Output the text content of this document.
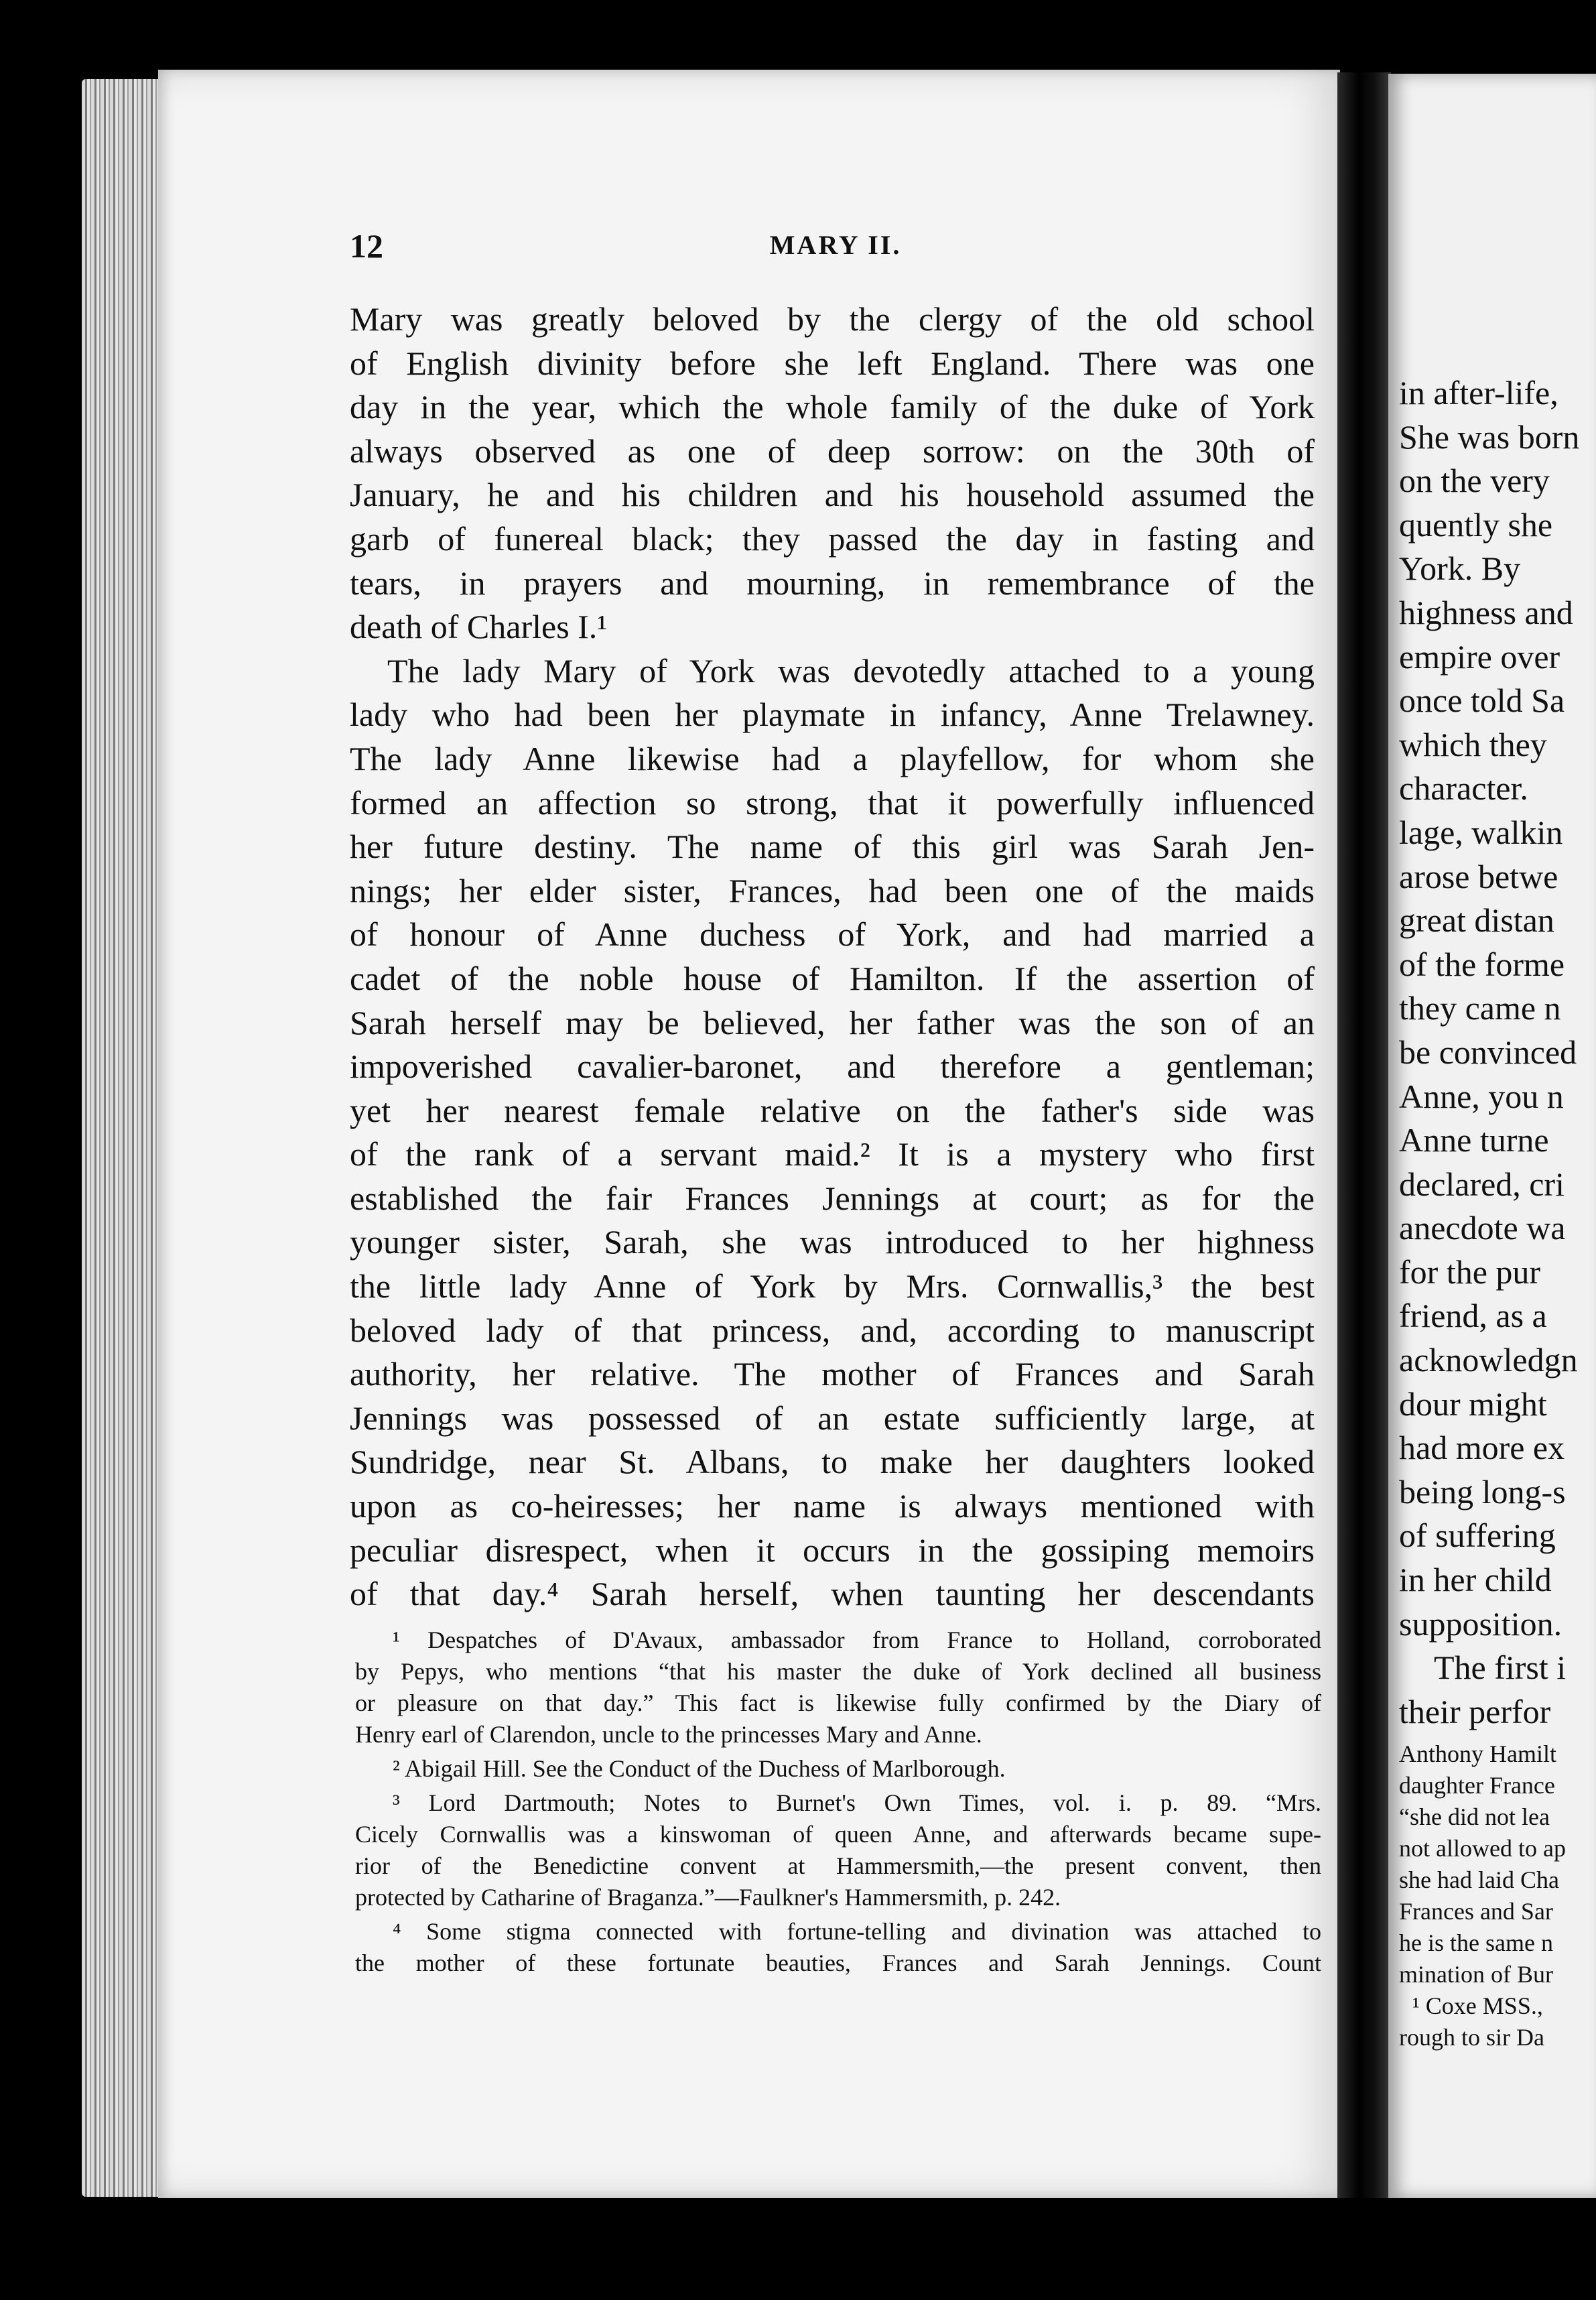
in after-life,
She was born
on the very
quently she
York. By
highness and
empire over
once told Sa
which they
character.
lage, walkin
arose betwe
great distan
of the forme
they came n
be convinced
Anne, you n
Anne turne
declared, cri
anecdote wa
for the pur
friend, as a
acknowledgn
dour might
had more ex
being long-s
of suffering
in her child
supposition.
The first i
their perfor
Anthony Hamilt
daughter France
“she did not lea
not allowed to ap
she had laid Cha
Frances and Sar
he is the same n
mination of Bur
¹ Coxe MSS.,
rough to sir Da
12	MARY II.
Mary was greatly beloved by the clergy of the old school
of English divinity before she left England. There was one
day in the year, which the whole family of the duke of York
always observed as one of deep sorrow: on the 30th of
January, he and his children and his household assumed the
garb of funereal black; they passed the day in fasting and
tears, in prayers and mourning, in remembrance of the
death of Charles I.¹
The lady Mary of York was devotedly attached to a young
lady who had been her playmate in infancy, Anne Trelawney.
The lady Anne likewise had a playfellow, for whom she
formed an affection so strong, that it powerfully influenced
her future destiny. The name of this girl was Sarah Jen-
nings; her elder sister, Frances, had been one of the maids
of honour of Anne duchess of York, and had married a
cadet of the noble house of Hamilton. If the assertion of
Sarah herself may be believed, her father was the son of an
impoverished cavalier-baronet, and therefore a gentleman;
yet her nearest female relative on the father's side was
of the rank of a servant maid.² It is a mystery who first
established the fair Frances Jennings at court; as for the
younger sister, Sarah, she was introduced to her highness
the little lady Anne of York by Mrs. Cornwallis,³ the best
beloved lady of that princess, and, according to manuscript
authority, her relative. The mother of Frances and Sarah
Jennings was possessed of an estate sufficiently large, at
Sundridge, near St. Albans, to make her daughters looked
upon as co-heiresses; her name is always mentioned with
peculiar disrespect, when it occurs in the gossiping memoirs
of that day.⁴ Sarah herself, when taunting her descendants
¹ Despatches of D'Avaux, ambassador from France to Holland, corroborated
by Pepys, who mentions “that his master the duke of York declined all business
or pleasure on that day.” This fact is likewise fully confirmed by the Diary of
Henry earl of Clarendon, uncle to the princesses Mary and Anne.
² Abigail Hill. See the Conduct of the Duchess of Marlborough.
³ Lord Dartmouth; Notes to Burnet's Own Times, vol. i. p. 89. “Mrs.
Cicely Cornwallis was a kinswoman of queen Anne, and afterwards became supe-
rior of the Benedictine convent at Hammersmith,—the present convent, then
protected by Catharine of Braganza.”—Faulkner's Hammersmith, p. 242.
⁴ Some stigma connected with fortune-telling and divination was attached to
the mother of these fortunate beauties, Frances and Sarah Jennings. Count
